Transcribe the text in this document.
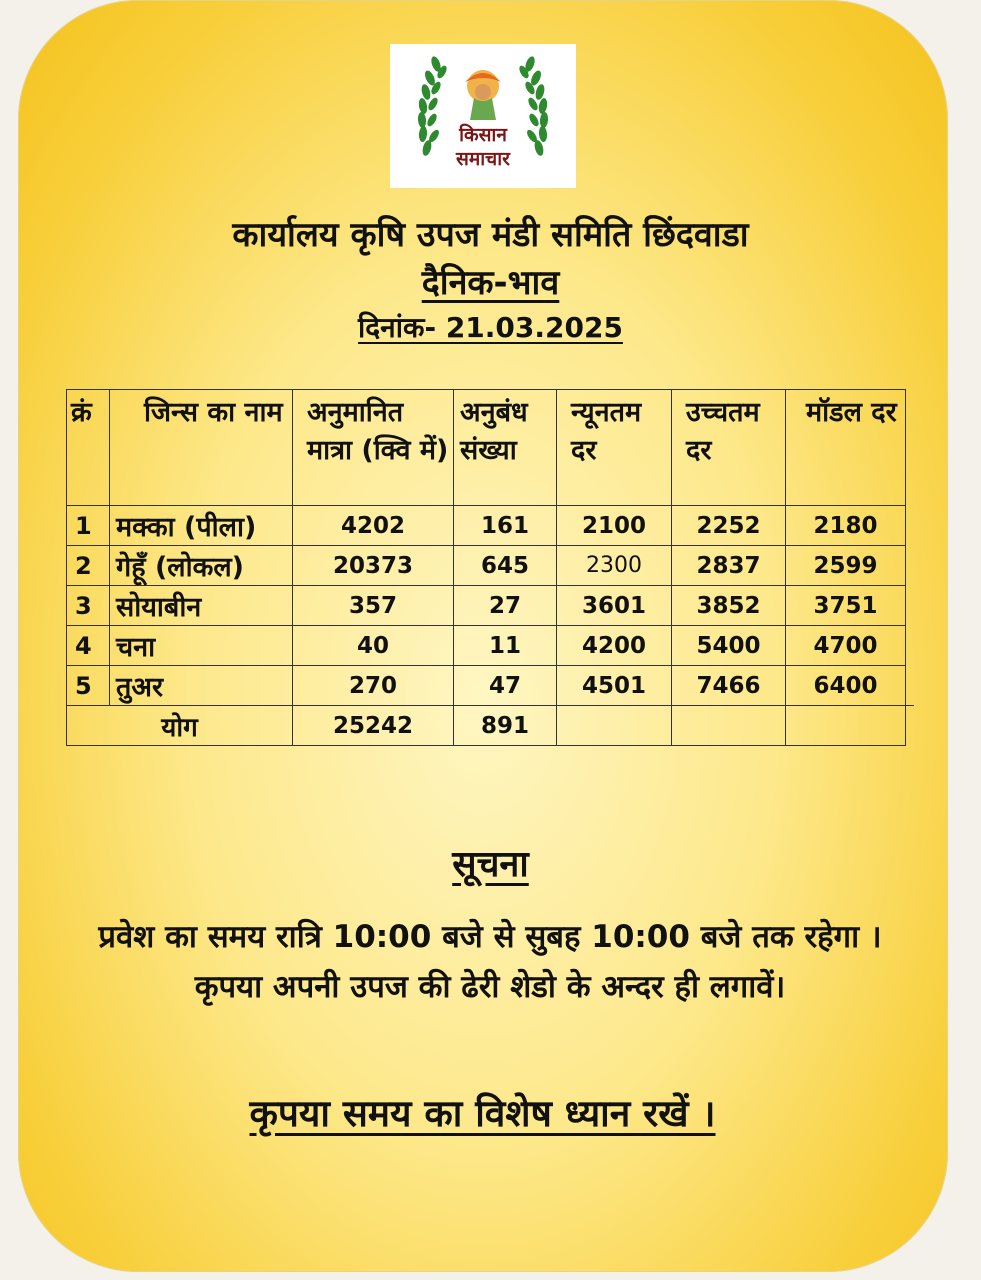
किसान
समाचार
कार्यालय कृषि उपज मंडी समिति छिंदवाडा
दैनिक-भाव
दिनांक- 21.03.2025
क्रं	जिन्स का नाम	अनुमानित मात्रा (क्वि में)	अनुबंध संख्या	न्यूनतम दर	उच्चतम दर	मॉडल दर	
1	मक्का (पीला)	4202	161	2100	2252	2180	
2	गेहूँ (लोकल)	20373	645	2300	2837	2599	
3	सोयाबीन	357	27	3601	3852	3751	
4	चना	40	11	4200	5400	4700	
5	तुअर	270	47	4501	7466	6400	
योग		25242	891				
सूचना
प्रवेश का समय रात्रि 10:00 बजे से सुबह 10:00 बजे तक रहेगा । कृपया अपनी उपज की ढेरी शेडो के अन्दर ही लगावें।
कृपया समय का विशेष ध्यान रखें ।
